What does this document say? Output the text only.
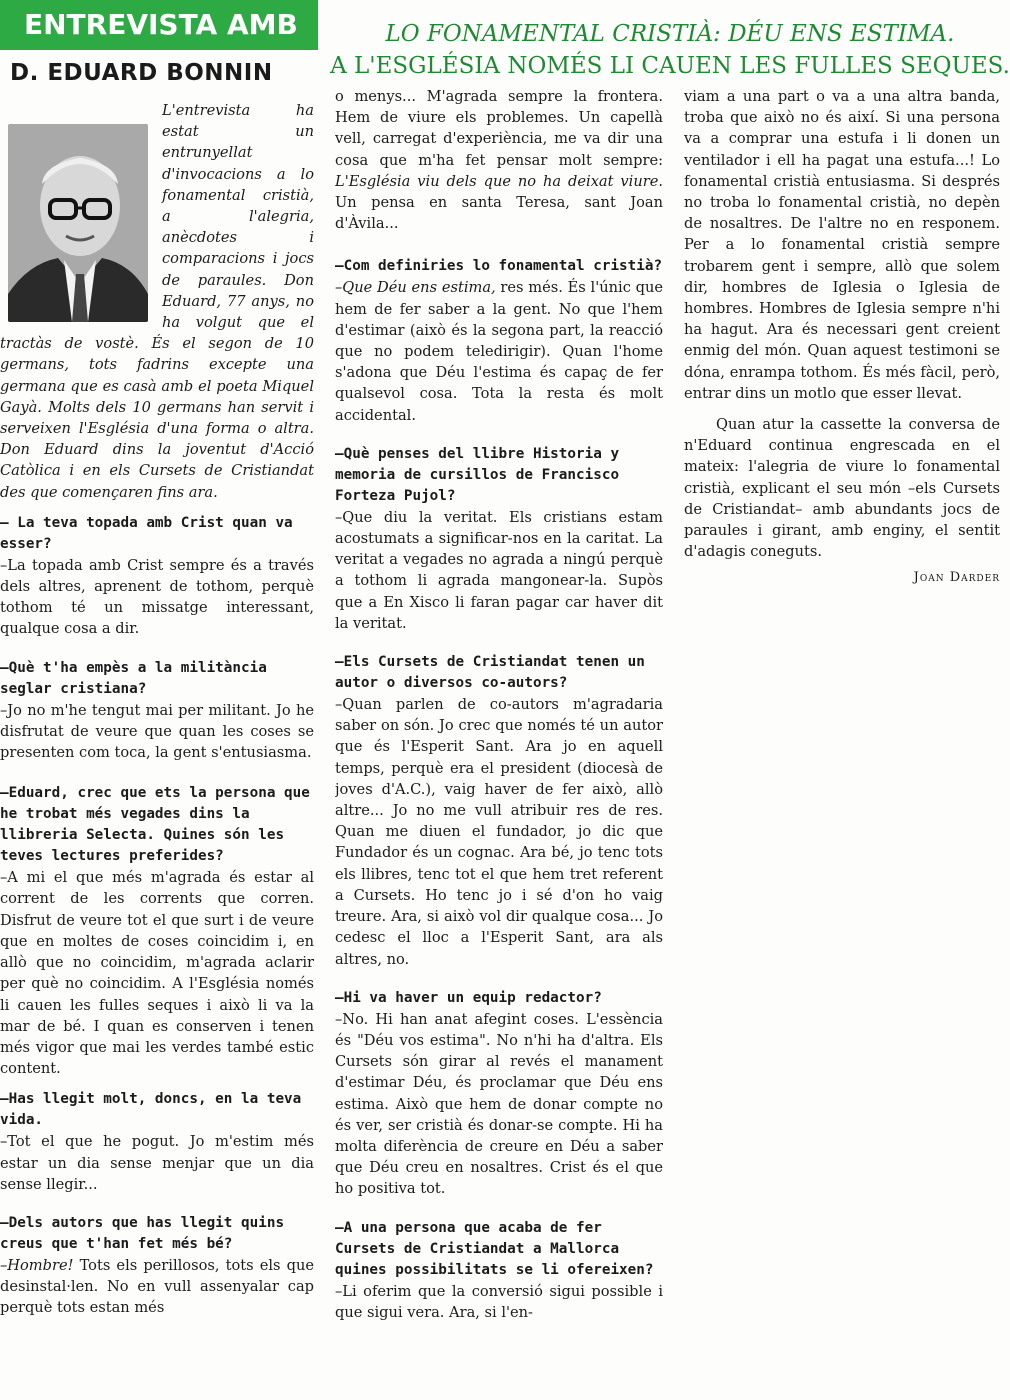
LO FONAMENTAL CRISTIÀ: DÉU ENS ESTIMA.
A L'ESGLÉSIA NOMÉS LI CAUEN LES FULLES SEQUES.
ENTREVISTA AMB
D. EDUARD BONNIN
L'entrevista ha estat un entrunyellat d'invocacions a lo fonamental cristià, a l'alegria, anècdotes i comparacions i jocs de paraules. Don Eduard, 77 anys, no ha volgut que el tractàs de vostè. És el segon de 10 germans, tots fadrins excepte una germana que es casà amb el poeta Miquel Gayà. Molts dels 10 germans han servit i serveixen l'Església d'una forma o altra. Don Eduard dins la joventut d'Acció Catòlica i en els Cursets de Cristiandat des que començaren fins ara.

– La teva topada amb Crist quan va esser?

–La topada amb Crist sempre és a través dels altres, aprenent de tothom, perquè tothom té un missatge interessant, qualque cosa a dir.

–Què t'ha empès a la militància seglar cristiana?

–Jo no m'he tengut mai per militant. Jo he disfrutat de veure que quan les coses se presenten com toca, la gent s'entusiasma.

–Eduard, crec que ets la persona que he trobat més vegades dins la llibreria Selecta. Quines són les teves lectures preferides?

–A mi el que més m'agrada és estar al corrent de les corrents que corren. Disfrut de veure tot el que surt i de veure que en moltes de coses coincidim i, en allò que no coincidim, m'agrada aclarir per què no coincidim. A l'Església només li cauen les fulles seques i això li va la mar de bé. I quan es conserven i tenen més vigor que mai les verdes també estic content.

–Has llegit molt, doncs, en la teva vida.

–Tot el que he pogut. Jo m'estim més estar un dia sense menjar que un dia sense llegir...

–Dels autors que has llegit quins creus que t'han fet més bé?

–Hombre! Tots els perillosos, tots els que desinstal·len. No en vull assenyalar cap perquè tots estan més

o menys... M'agrada sempre la frontera. Hem de viure els problemes. Un capellà vell, carregat d'experiència, me va dir una cosa que m'ha fet pensar molt sempre: L'Església viu dels que no ha deixat viure. Un pensa en santa Teresa, sant Joan d'Àvila...

–Com definiries lo fonamental cristià?

–Que Déu ens estima, res més. És l'únic que hem de fer saber a la gent. No que l'hem d'estimar (això és la segona part, la reacció que no podem teledirigir). Quan l'home s'adona que Déu l'estima és capaç de fer qualsevol cosa. Tota la resta és molt accidental.

–Què penses del llibre Historia y memoria de cursillos de Francisco Forteza Pujol?

–Que diu la veritat. Els cristians estam acostumats a significar-nos en la caritat. La veritat a vegades no agrada a ningú perquè a tothom li agrada mangonear-la. Supòs que a En Xisco li faran pagar car haver dit la veritat.

–Els Cursets de Cristiandat tenen un autor o diversos co-autors?

–Quan parlen de co-autors m'agradaria saber on són. Jo crec que només té un autor que és l'Esperit Sant. Ara jo en aquell temps, perquè era el president (diocesà de joves d'A.C.), vaig haver de fer això, allò altre... Jo no me vull atribuir res de res. Quan me diuen el fundador, jo dic que Fundador és un cognac. Ara bé, jo tenc tots els llibres, tenc tot el que hem tret referent a Cursets. Ho tenc jo i sé d'on ho vaig treure. Ara, si això vol dir qualque cosa... Jo cedesc el lloc a l'Esperit Sant, ara als altres, no.

–Hi va haver un equip redactor?

–No. Hi han anat afegint coses. L'essència és "Déu vos estima". No n'hi ha d'altra. Els Cursets són girar al revés el manament d'estimar Déu, és proclamar que Déu ens estima. Això que hem de donar compte no és ver, ser cristià és donar-se compte. Hi ha molta diferència de creure en Déu a saber que Déu creu en nosaltres. Crist és el que ho positiva tot.

–A una persona que acaba de fer Cursets de Cristiandat a Mallorca quines possibilitats se li ofereixen?

–Li oferim que la conversió sigui possible i que sigui vera. Ara, si l'en-

viam a una part o va a una altra banda, troba que això no és així. Si una persona va a comprar una estufa i li donen un ventilador i ell ha pagat una estufa...! Lo fonamental cristià entusiasma. Si després no troba lo fonamental cristià, no depèn de nosaltres. De l'altre no en responem. Per a lo fonamental cristià sempre trobarem gent i sempre, allò que solem dir, hombres de Iglesia o Iglesia de hombres. Hombres de Iglesia sempre n'hi ha hagut. Ara és necessari gent creient enmig del món. Quan aquest testimoni se dóna, enrampa tothom. És més fàcil, però, entrar dins un motlo que esser llevat.

Quan atur la cassette la conversa de n'Eduard continua engrescada en el mateix: l'alegria de viure lo fonamental cristià, explicant el seu món –els Cursets de Cristiandat– amb abundants jocs de paraules i girant, amb enginy, el sentit d'adagis coneguts.

Joan Darder
